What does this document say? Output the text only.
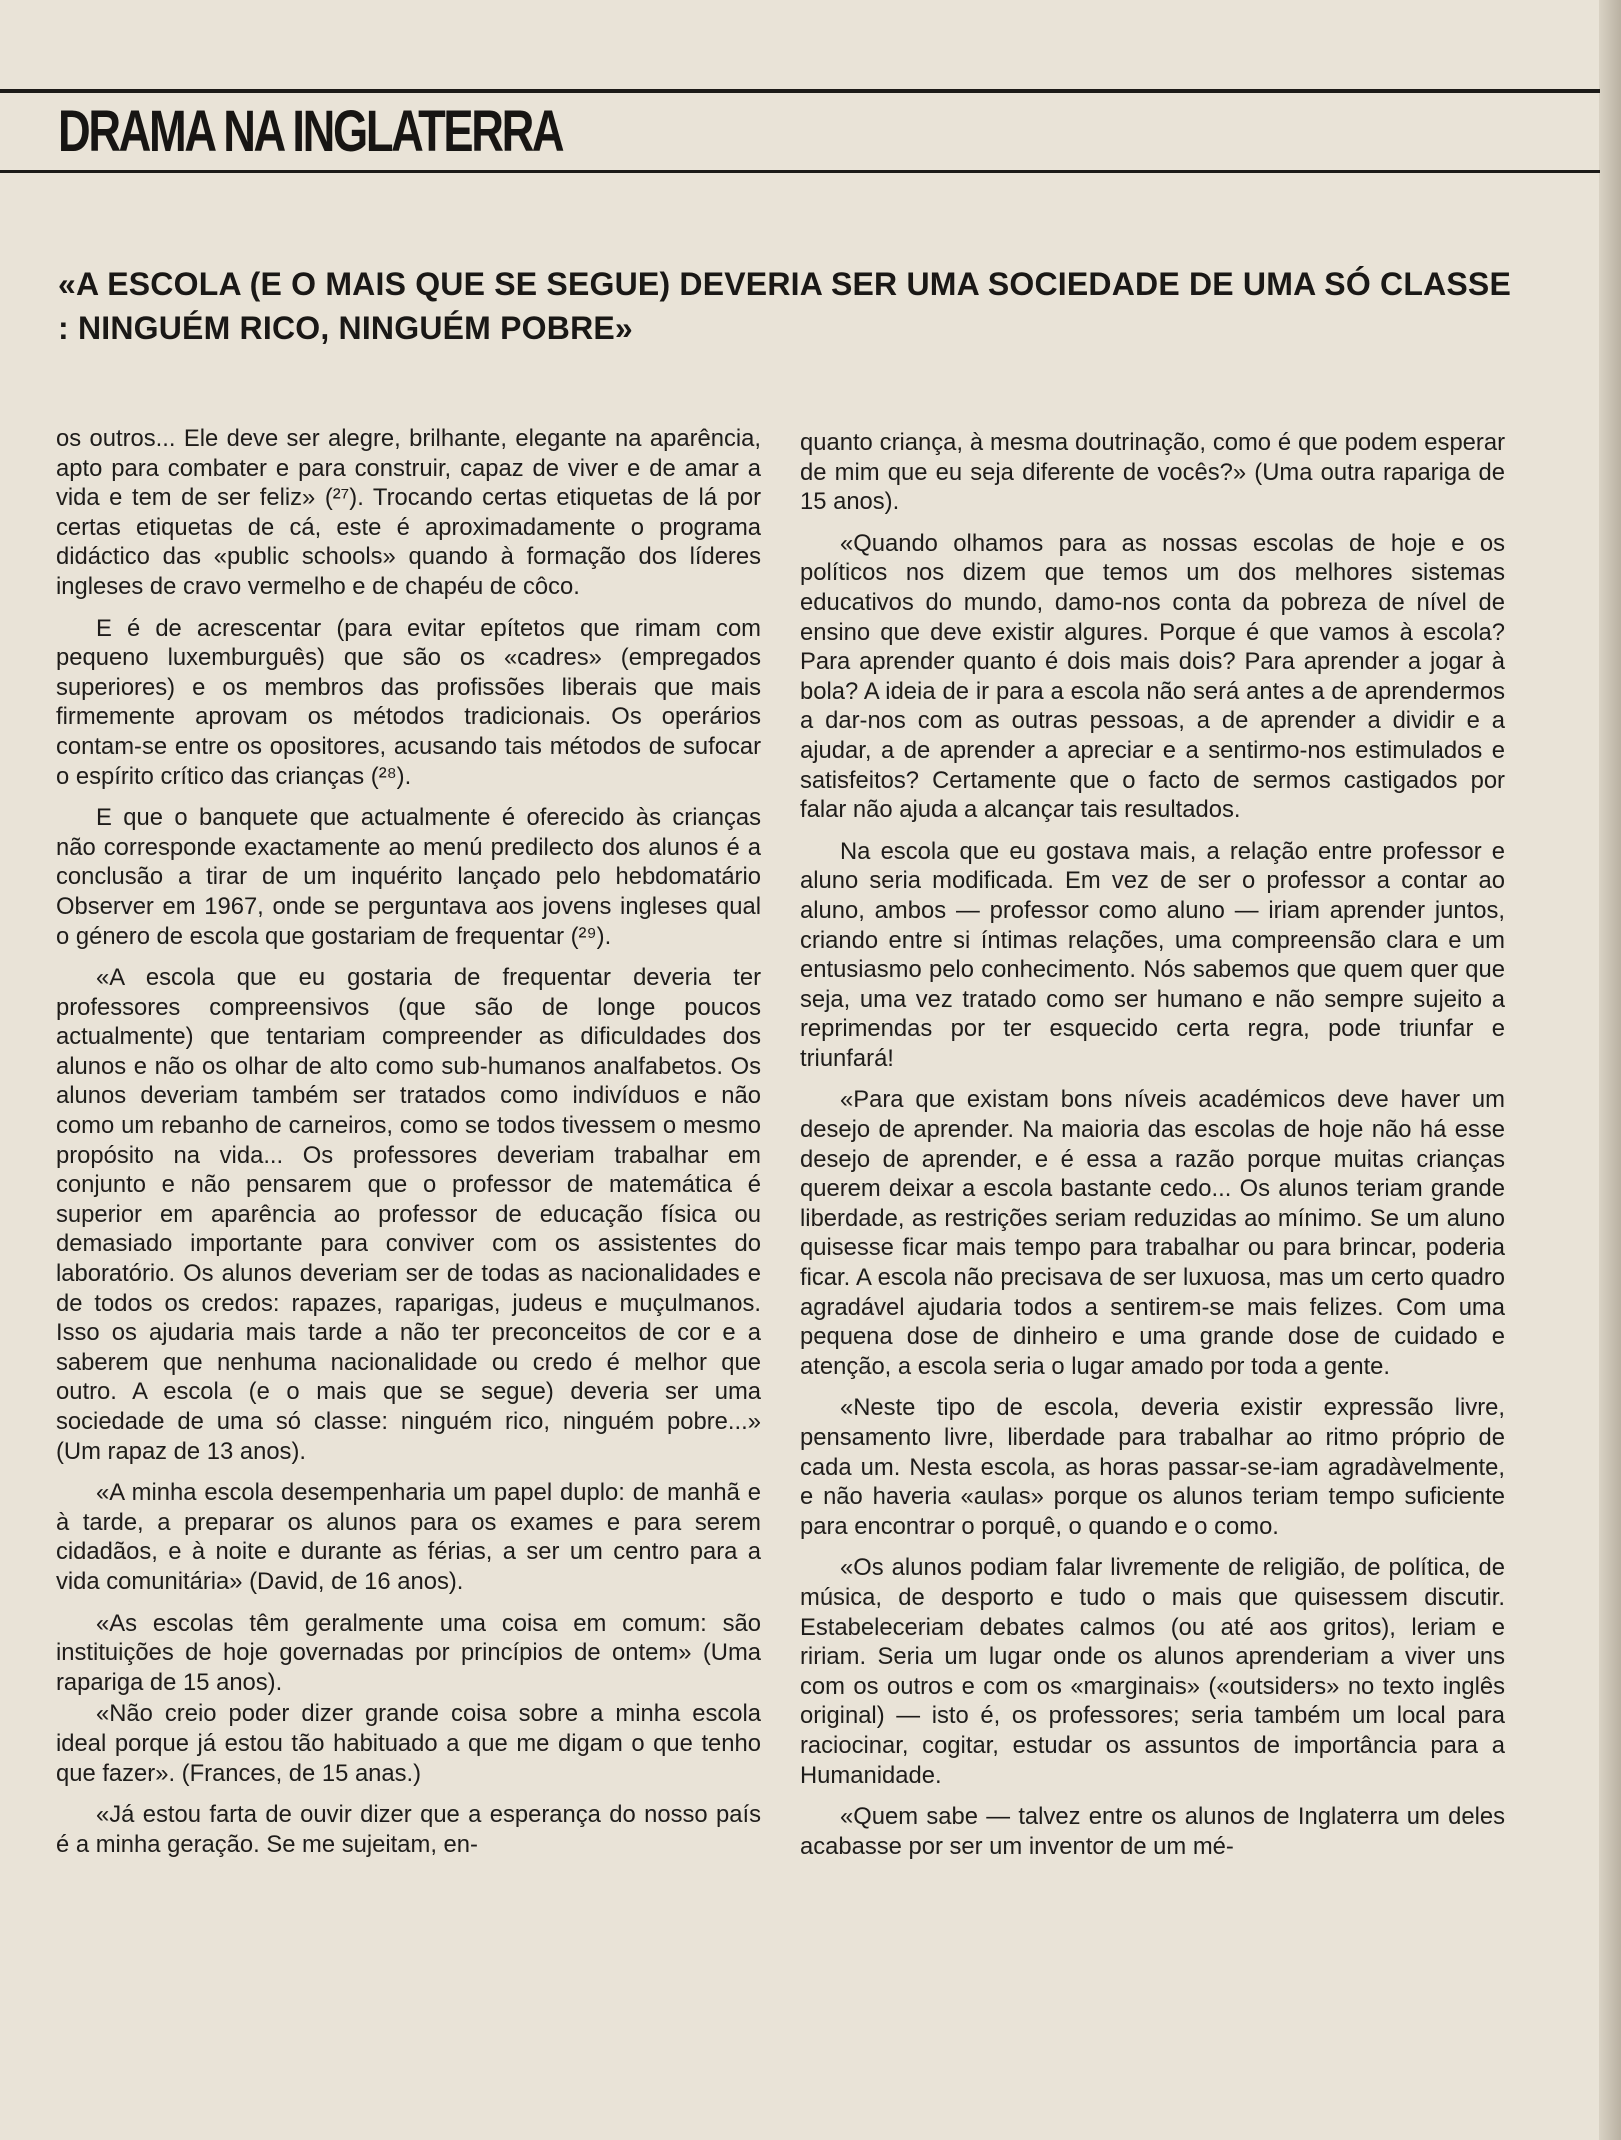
DRAMA NA INGLATERRA
«A ESCOLA (E O MAIS QUE SE SEGUE) DEVERIA SER UMA SOCIEDADE DE UMA SÓ CLASSE : NINGUÉM RICO, NINGUÉM POBRE»

os outros... Ele deve ser alegre, brilhante, elegante na aparência, apto para combater e para construir, capaz de viver e de amar a vida e tem de ser feliz» (²⁷). Trocando certas etiquetas de lá por certas etiquetas de cá, este é aproximadamente o programa didáctico das «public schools» quando à formação dos líderes ingleses de cravo vermelho e de chapéu de côco.

E é de acrescentar (para evitar epítetos que rimam com pequeno luxemburguês) que são os «cadres» (empregados superiores) e os membros das profissões liberais que mais firmemente aprovam os métodos tradicionais. Os operários contam-se entre os opositores, acusando tais métodos de sufocar o espírito crítico das crianças (²⁸).

E que o banquete que actualmente é oferecido às crianças não corresponde exactamente ao menú predilecto dos alunos é a conclusão a tirar de um inquérito lançado pelo hebdomatário Observer em 1967, onde se perguntava aos jovens ingleses qual o género de escola que gostariam de frequentar (²⁹).

«A escola que eu gostaria de frequentar deveria ter professores compreensivos (que são de longe poucos actualmente) que tentariam compreender as dificuldades dos alunos e não os olhar de alto como sub-humanos analfabetos. Os alunos deveriam também ser tratados como indivíduos e não como um rebanho de carneiros, como se todos tivessem o mesmo propósito na vida... Os professores deveriam trabalhar em conjunto e não pensarem que o professor de matemática é superior em aparência ao professor de educação física ou demasiado importante para conviver com os assistentes do laboratório. Os alunos deveriam ser de todas as nacionalidades e de todos os credos: rapazes, raparigas, judeus e muçulmanos. Isso os ajudaria mais tarde a não ter preconceitos de cor e a saberem que nenhuma nacionalidade ou credo é melhor que outro. A escola (e o mais que se segue) deveria ser uma sociedade de uma só classe: ninguém rico, ninguém pobre...» (Um rapaz de 13 anos).

«A minha escola desempenharia um papel duplo: de manhã e à tarde, a preparar os alunos para os exames e para serem cidadãos, e à noite e durante as férias, a ser um centro para a vida comunitária» (David, de 16 anos).

«As escolas têm geralmente uma coisa em comum: são instituições de hoje governadas por princípios de ontem» (Uma rapariga de 15 anos).

«Não creio poder dizer grande coisa sobre a minha escola ideal porque já estou tão habituado a que me digam o que tenho que fazer». (Frances, de 15 anas.)

«Já estou farta de ouvir dizer que a esperança do nosso país é a minha geração. Se me sujeitam, en-

quanto criança, à mesma doutrinação, como é que podem esperar de mim que eu seja diferente de vocês?» (Uma outra rapariga de 15 anos).

«Quando olhamos para as nossas escolas de hoje e os políticos nos dizem que temos um dos melhores sistemas educativos do mundo, damo-nos conta da pobreza de nível de ensino que deve existir algures. Porque é que vamos à escola? Para aprender quanto é dois mais dois? Para aprender a jogar à bola? A ideia de ir para a escola não será antes a de aprendermos a dar-nos com as outras pessoas, a de aprender a dividir e a ajudar, a de aprender a apreciar e a sentirmo-nos estimulados e satisfeitos? Certamente que o facto de sermos castigados por falar não ajuda a alcançar tais resultados.

Na escola que eu gostava mais, a relação entre professor e aluno seria modificada. Em vez de ser o professor a contar ao aluno, ambos — professor como aluno — iriam aprender juntos, criando entre si íntimas relações, uma compreensão clara e um entusiasmo pelo conhecimento. Nós sabemos que quem quer que seja, uma vez tratado como ser humano e não sempre sujeito a reprimendas por ter esquecido certa regra, pode triunfar e triunfará!

«Para que existam bons níveis académicos deve haver um desejo de aprender. Na maioria das escolas de hoje não há esse desejo de aprender, e é essa a razão porque muitas crianças querem deixar a escola bastante cedo... Os alunos teriam grande liberdade, as restrições seriam reduzidas ao mínimo. Se um aluno quisesse ficar mais tempo para trabalhar ou para brincar, poderia ficar. A escola não precisava de ser luxuosa, mas um certo quadro agradável ajudaria todos a sentirem-se mais felizes. Com uma pequena dose de dinheiro e uma grande dose de cuidado e atenção, a escola seria o lugar amado por toda a gente.

«Neste tipo de escola, deveria existir expressão livre, pensamento livre, liberdade para trabalhar ao ritmo próprio de cada um. Nesta escola, as horas passar-se-iam agradàvelmente, e não haveria «aulas» porque os alunos teriam tempo suficiente para encontrar o porquê, o quando e o como.

«Os alunos podiam falar livremente de religião, de política, de música, de desporto e tudo o mais que quisessem discutir. Estabeleceriam debates calmos (ou até aos gritos), leriam e ririam. Seria um lugar onde os alunos aprenderiam a viver uns com os outros e com os «marginais» («outsiders» no texto inglês original) — isto é, os professores; seria também um local para raciocinar, cogitar, estudar os assuntos de importância para a Humanidade.

«Quem sabe — talvez entre os alunos de Inglaterra um deles acabasse por ser um inventor de um mé-
